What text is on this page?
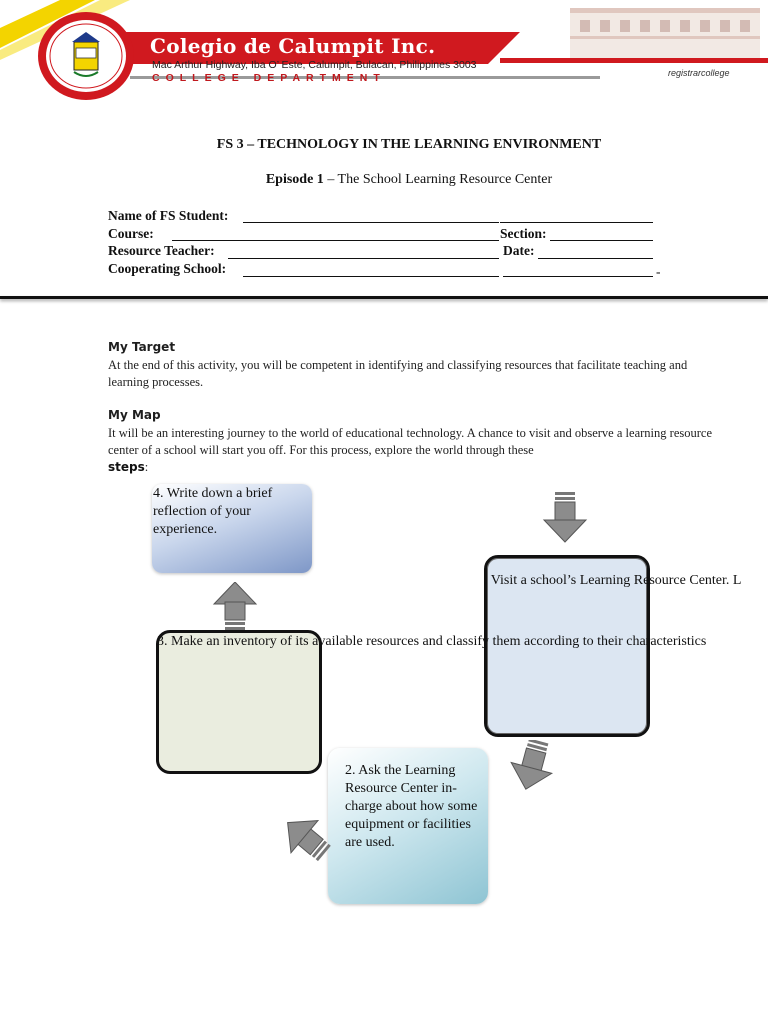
Colegio de Calumpit Inc.
Mac Arthur Highway, Iba O’ Este, Calumpit, Bulacan, Philippines 3003
COLLEGE DEPARTMENT	registrarcollege
FS 3 – TECHNOLOGY IN THE LEARNING ENVIRONMENT
Episode 1 – The School Learning Resource Center
Name of FS Student:
Course:	Section:
Resource Teacher:	Date:
Cooperating School:	-
My Target
At the end of this activity, you will be competent in identifying and classifying resources that facilitate teaching and learning processes.
My Map
It will be an interesting journey to the world of educational technology. A chance to visit and observe a learning resource center of a school will start you off. For this process, explore the world through these
steps:
4. Write down a brief reflection of your experience.
2. Ask the Learning Resource Center in-charge about how some equipment or facilities are used.
. Visit a school’s Learning Resource Center. L
3. Make an inventory of its available resources and classify them according to their characteristics
